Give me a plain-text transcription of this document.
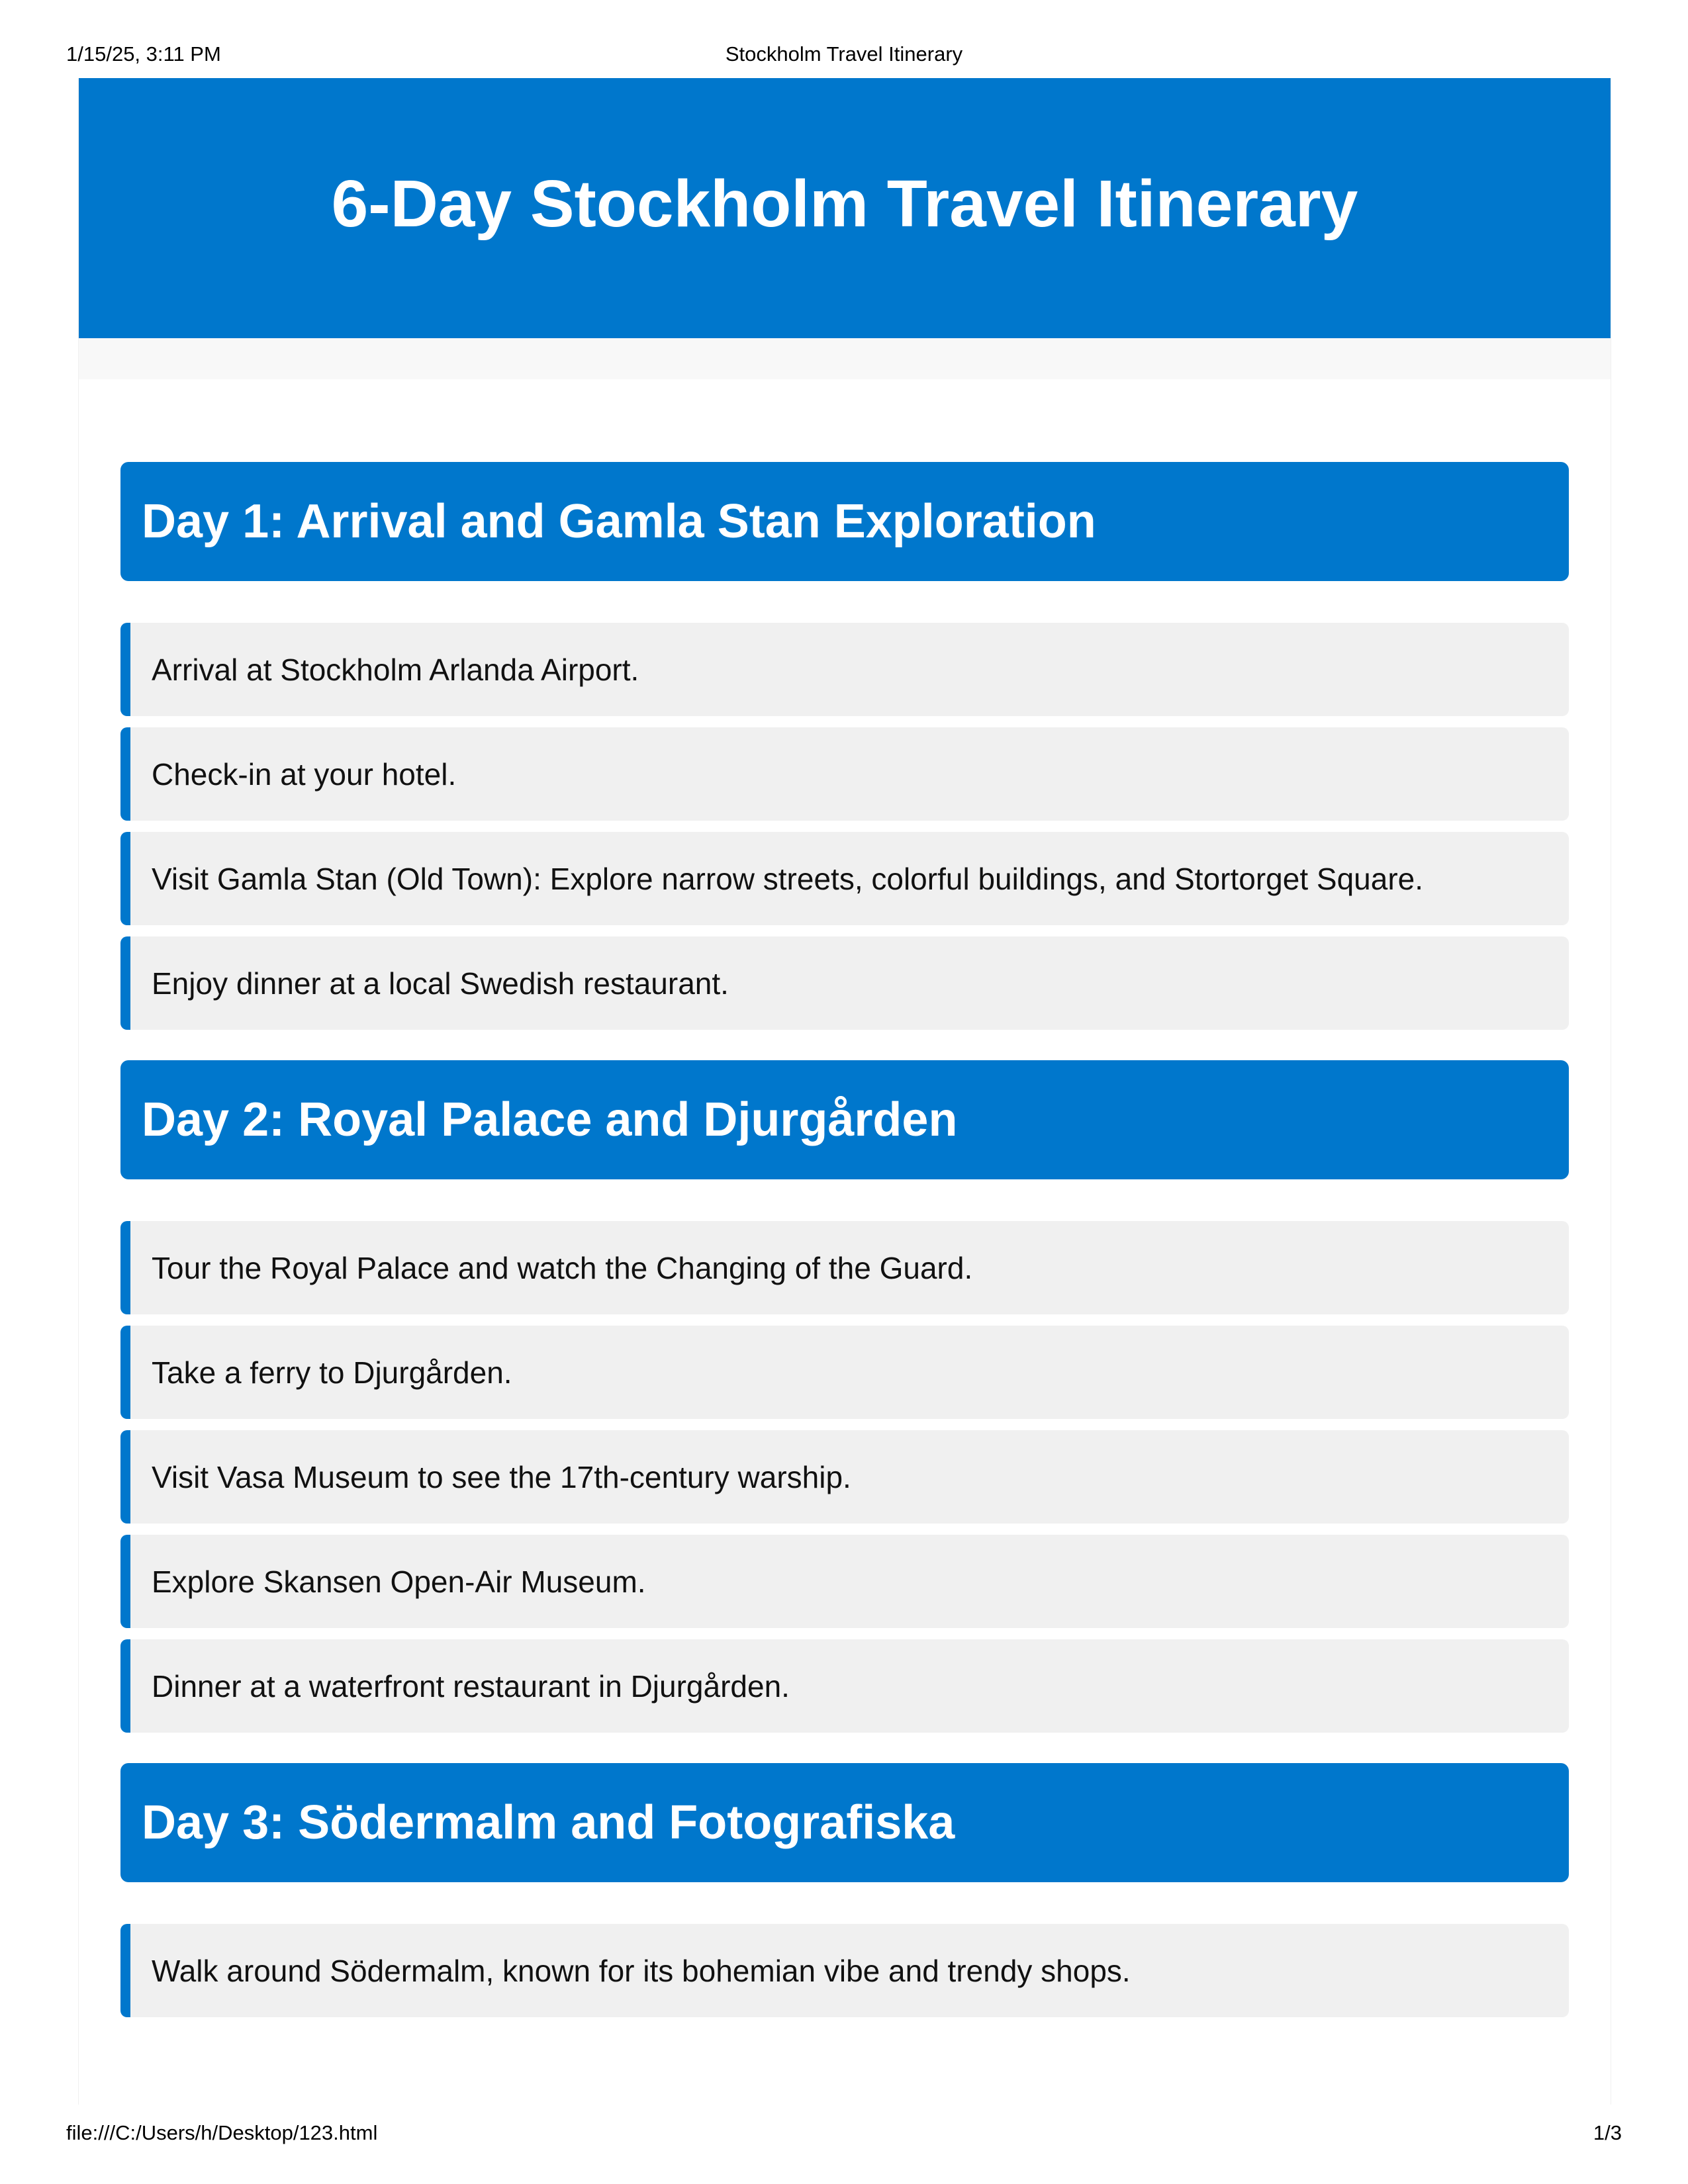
1/15/25, 3:11 PM	Stockholm Travel Itinerary
6-Day Stockholm Travel Itinerary
Day 1: Arrival and Gamla Stan Exploration
Arrival at Stockholm Arlanda Airport.
Check-in at your hotel.
Visit Gamla Stan (Old Town): Explore narrow streets, colorful buildings, and Stortorget Square.
Enjoy dinner at a local Swedish restaurant.
Day 2: Royal Palace and Djurgården
Tour the Royal Palace and watch the Changing of the Guard.
Take a ferry to Djurgården.
Visit Vasa Museum to see the 17th-century warship.
Explore Skansen Open-Air Museum.
Dinner at a waterfront restaurant in Djurgården.
Day 3: Södermalm and Fotografiska
Walk around Södermalm, known for its bohemian vibe and trendy shops.
file:///C:/Users/h/Desktop/123.html	1/3
